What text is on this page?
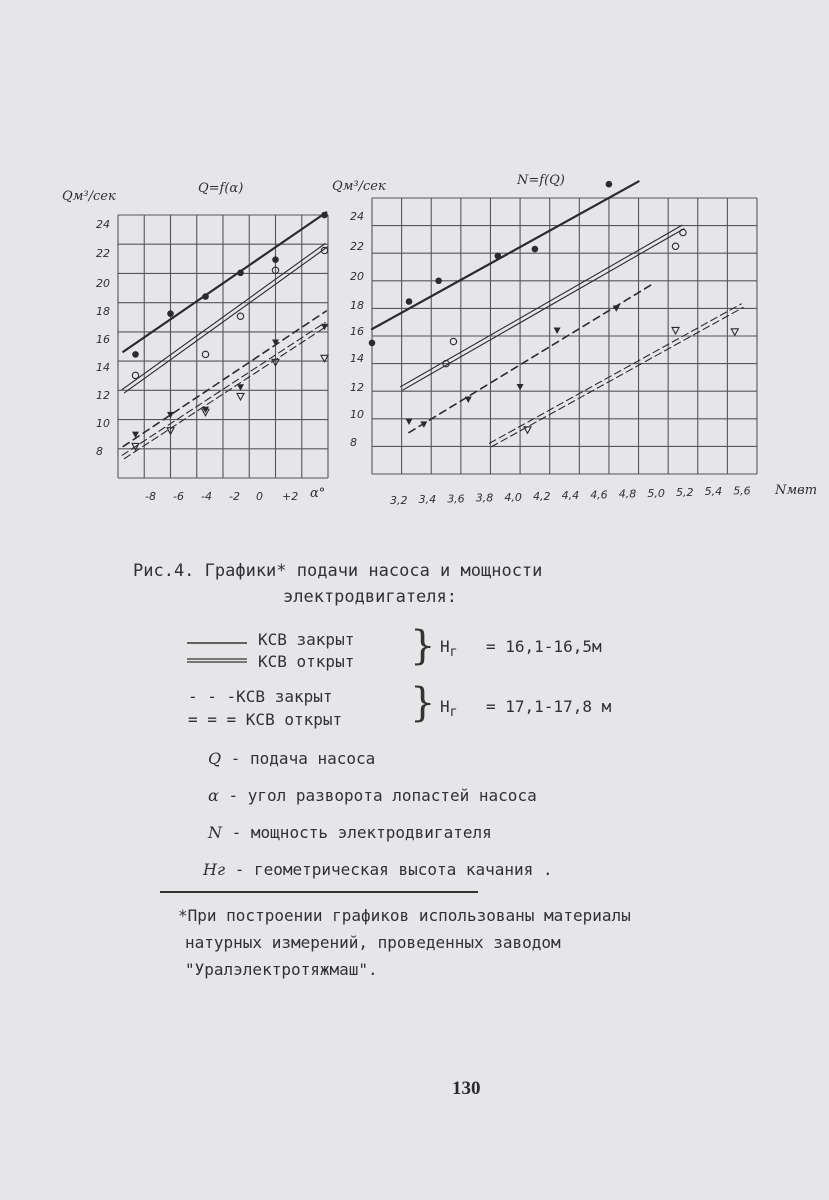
Q=f(α)
Qм³/сек
α°
24
22
20
18
16
14
12
10
8
-8 -6 -4 -2 0 +2
N=f(Q)
Qм³/сек
Nмвт
24
22
20
18
16
14
12
10
8
3,2 3,4 3,6 3,8 4,0 4,2 4,4 4,6 4,8 5,0 5,2 5,4 5,6
Рис.4. Графики* подачи насоса и мощности
электродвигателя:
КСВ закрыт
КСВ открыт } $H_г = 16,1-16,5м$
- - -КСВ закрыт
= = = КСВ открыт } $H_г = 17,1-17,8$ м
Q - подача насоса
α - угол разворота лопастей насоса
N - мощность электродвигателя
Hг - геометрическая высота качания .
*При построении графиков использованы материалы
натурных измерений, проведенных заводом
"Уралэлектротяжмаш".
130
